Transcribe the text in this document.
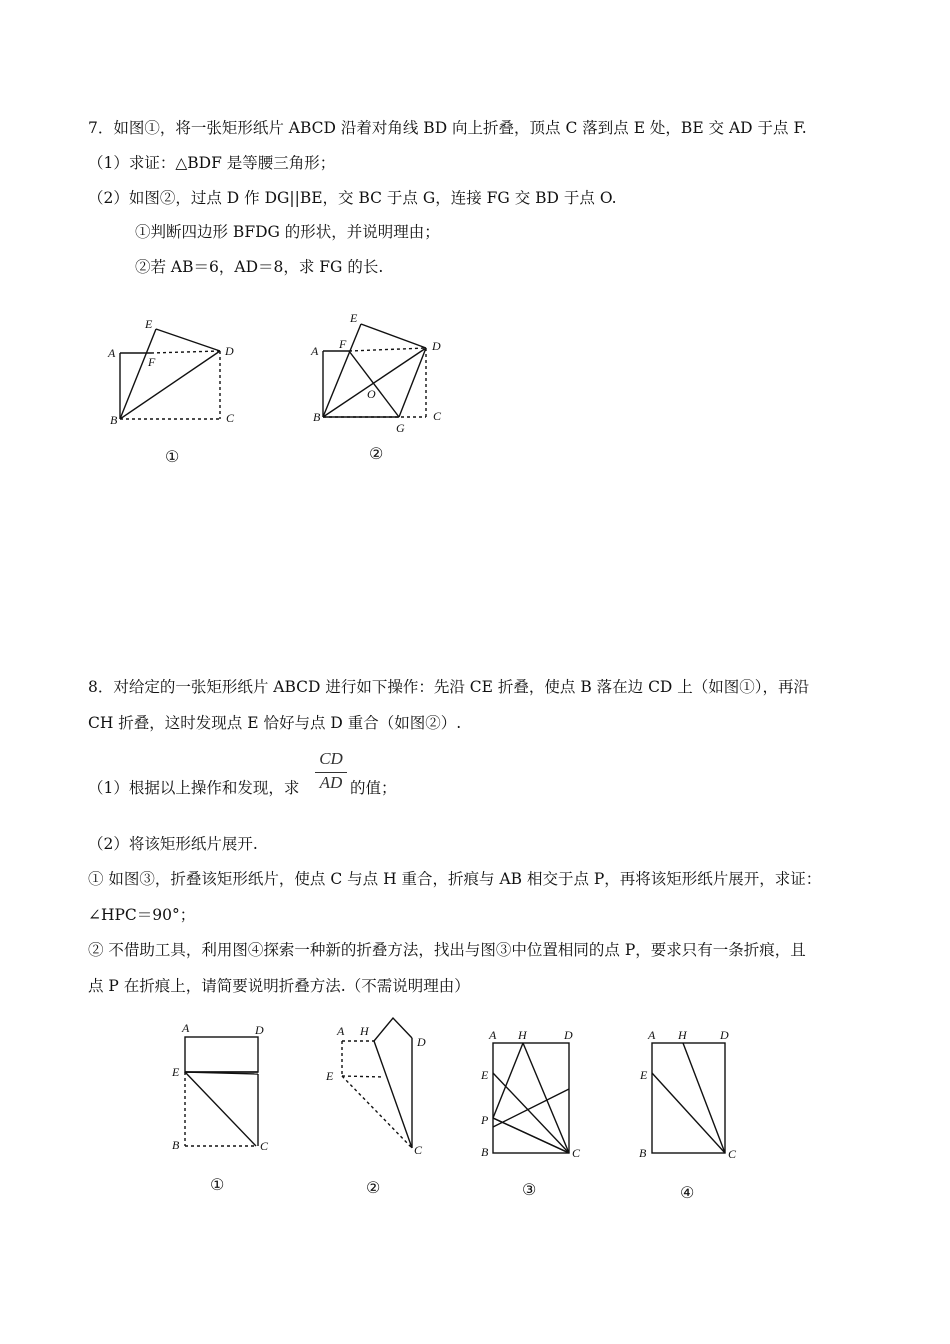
7．如图①，将一张矩形纸片 ABCD 沿着对角线 BD 向上折叠，顶点 C 落到点 E 处，BE 交 AD 于点 F.
（1）求证：△BDF 是等腰三角形；
（2）如图②，过点 D 作 DG||BE，交 BC 于点 G，连接 FG 交 BD 于点 O.
①判断四边形 BFDG 的形状，并说明理由；
②若 AB＝6，AD＝8，求 FG 的长.
A
E
F
D
B	C
①
A
E
F	D
O
B
G
C
②
8．对给定的一张矩形纸片 ABCD 进行如下操作：先沿 CE 折叠，使点 B 落在边 CD 上（如图①），再沿
CH 折叠，这时发现点 E 恰好与点 D 重合（如图②）.
（1）根据以上操作和发现，求
CD
AD 的值；
（2）将该矩形纸片展开.
① 如图③，折叠该矩形纸片，使点 C 与点 H 重合，折痕与 AB 相交于点 P，再将该矩形纸片展开，求证：
∠HPC＝90°；
② 不借助工具，利用图④探索一种新的折叠方法，找出与图③中位置相同的点 P，要求只有一条折痕，且
点 P 在折痕上，请简要说明折叠方法.（不需说明理由）
A	D
E
B	C
①
A H
D
E
C
②
A H	D
E
P
B	C
③
A H	D
E
B	C
④
